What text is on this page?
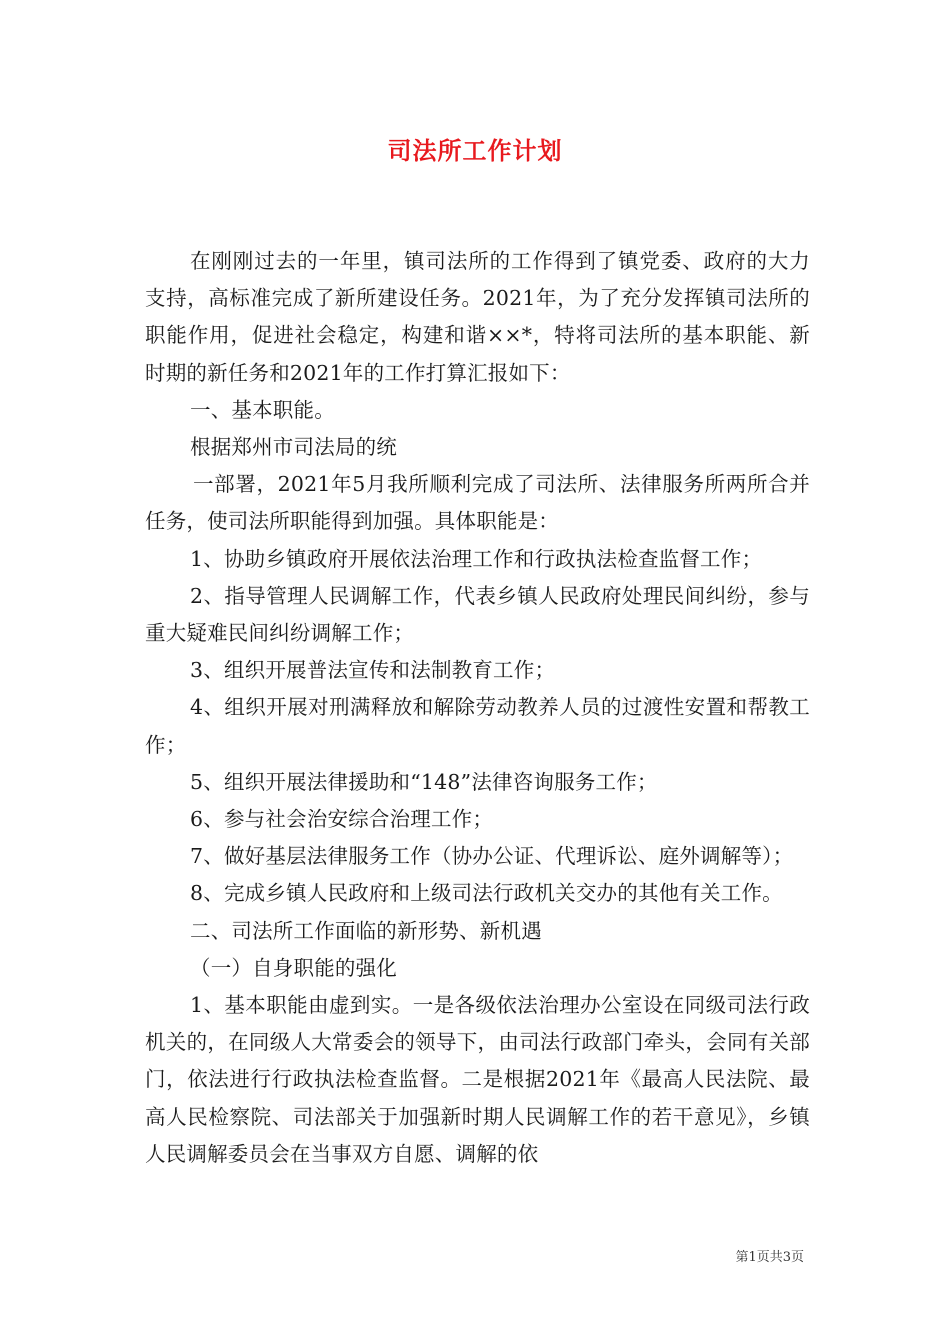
司法所工作计划

在刚刚过去的一年里，镇司法所的工作得到了镇党委、政府的大力支持，高标准完成了新所建设任务。2021年，为了充分发挥镇司法所的职能作用，促进社会稳定，构建和谐××*，特将司法所的基本职能、新时期的新任务和2021年的工作打算汇报如下：

一、基本职能。

根据郑州市司法局的统

一部署，2021年5月我所顺利完成了司法所、法律服务所两所合并任务，使司法所职能得到加强。具体职能是：

1、协助乡镇政府开展依法治理工作和行政执法检查监督工作；

2、指导管理人民调解工作，代表乡镇人民政府处理民间纠纷，参与重大疑难民间纠纷调解工作；

3、组织开展普法宣传和法制教育工作；

4、组织开展对刑满释放和解除劳动教养人员的过渡性安置和帮教工作；

5、组织开展法律援助和“148”法律咨询服务工作；

6、参与社会治安综合治理工作；

7、做好基层法律服务工作（协办公证、代理诉讼、庭外调解等）；

8、完成乡镇人民政府和上级司法行政机关交办的其他有关工作。

二、司法所工作面临的新形势、新机遇

（一）自身职能的强化

1、基本职能由虚到实。一是各级依法治理办公室设在同级司法行政机关的，在同级人大常委会的领导下，由司法行政部门牵头，会同有关部门，依法进行行政执法检查监督。二是根据2021年《最高人民法院、最高人民检察院、司法部关于加强新时期人民调解工作的若干意见》，乡镇人民调解委员会在当事双方自愿、调解的依

第1页共3页
